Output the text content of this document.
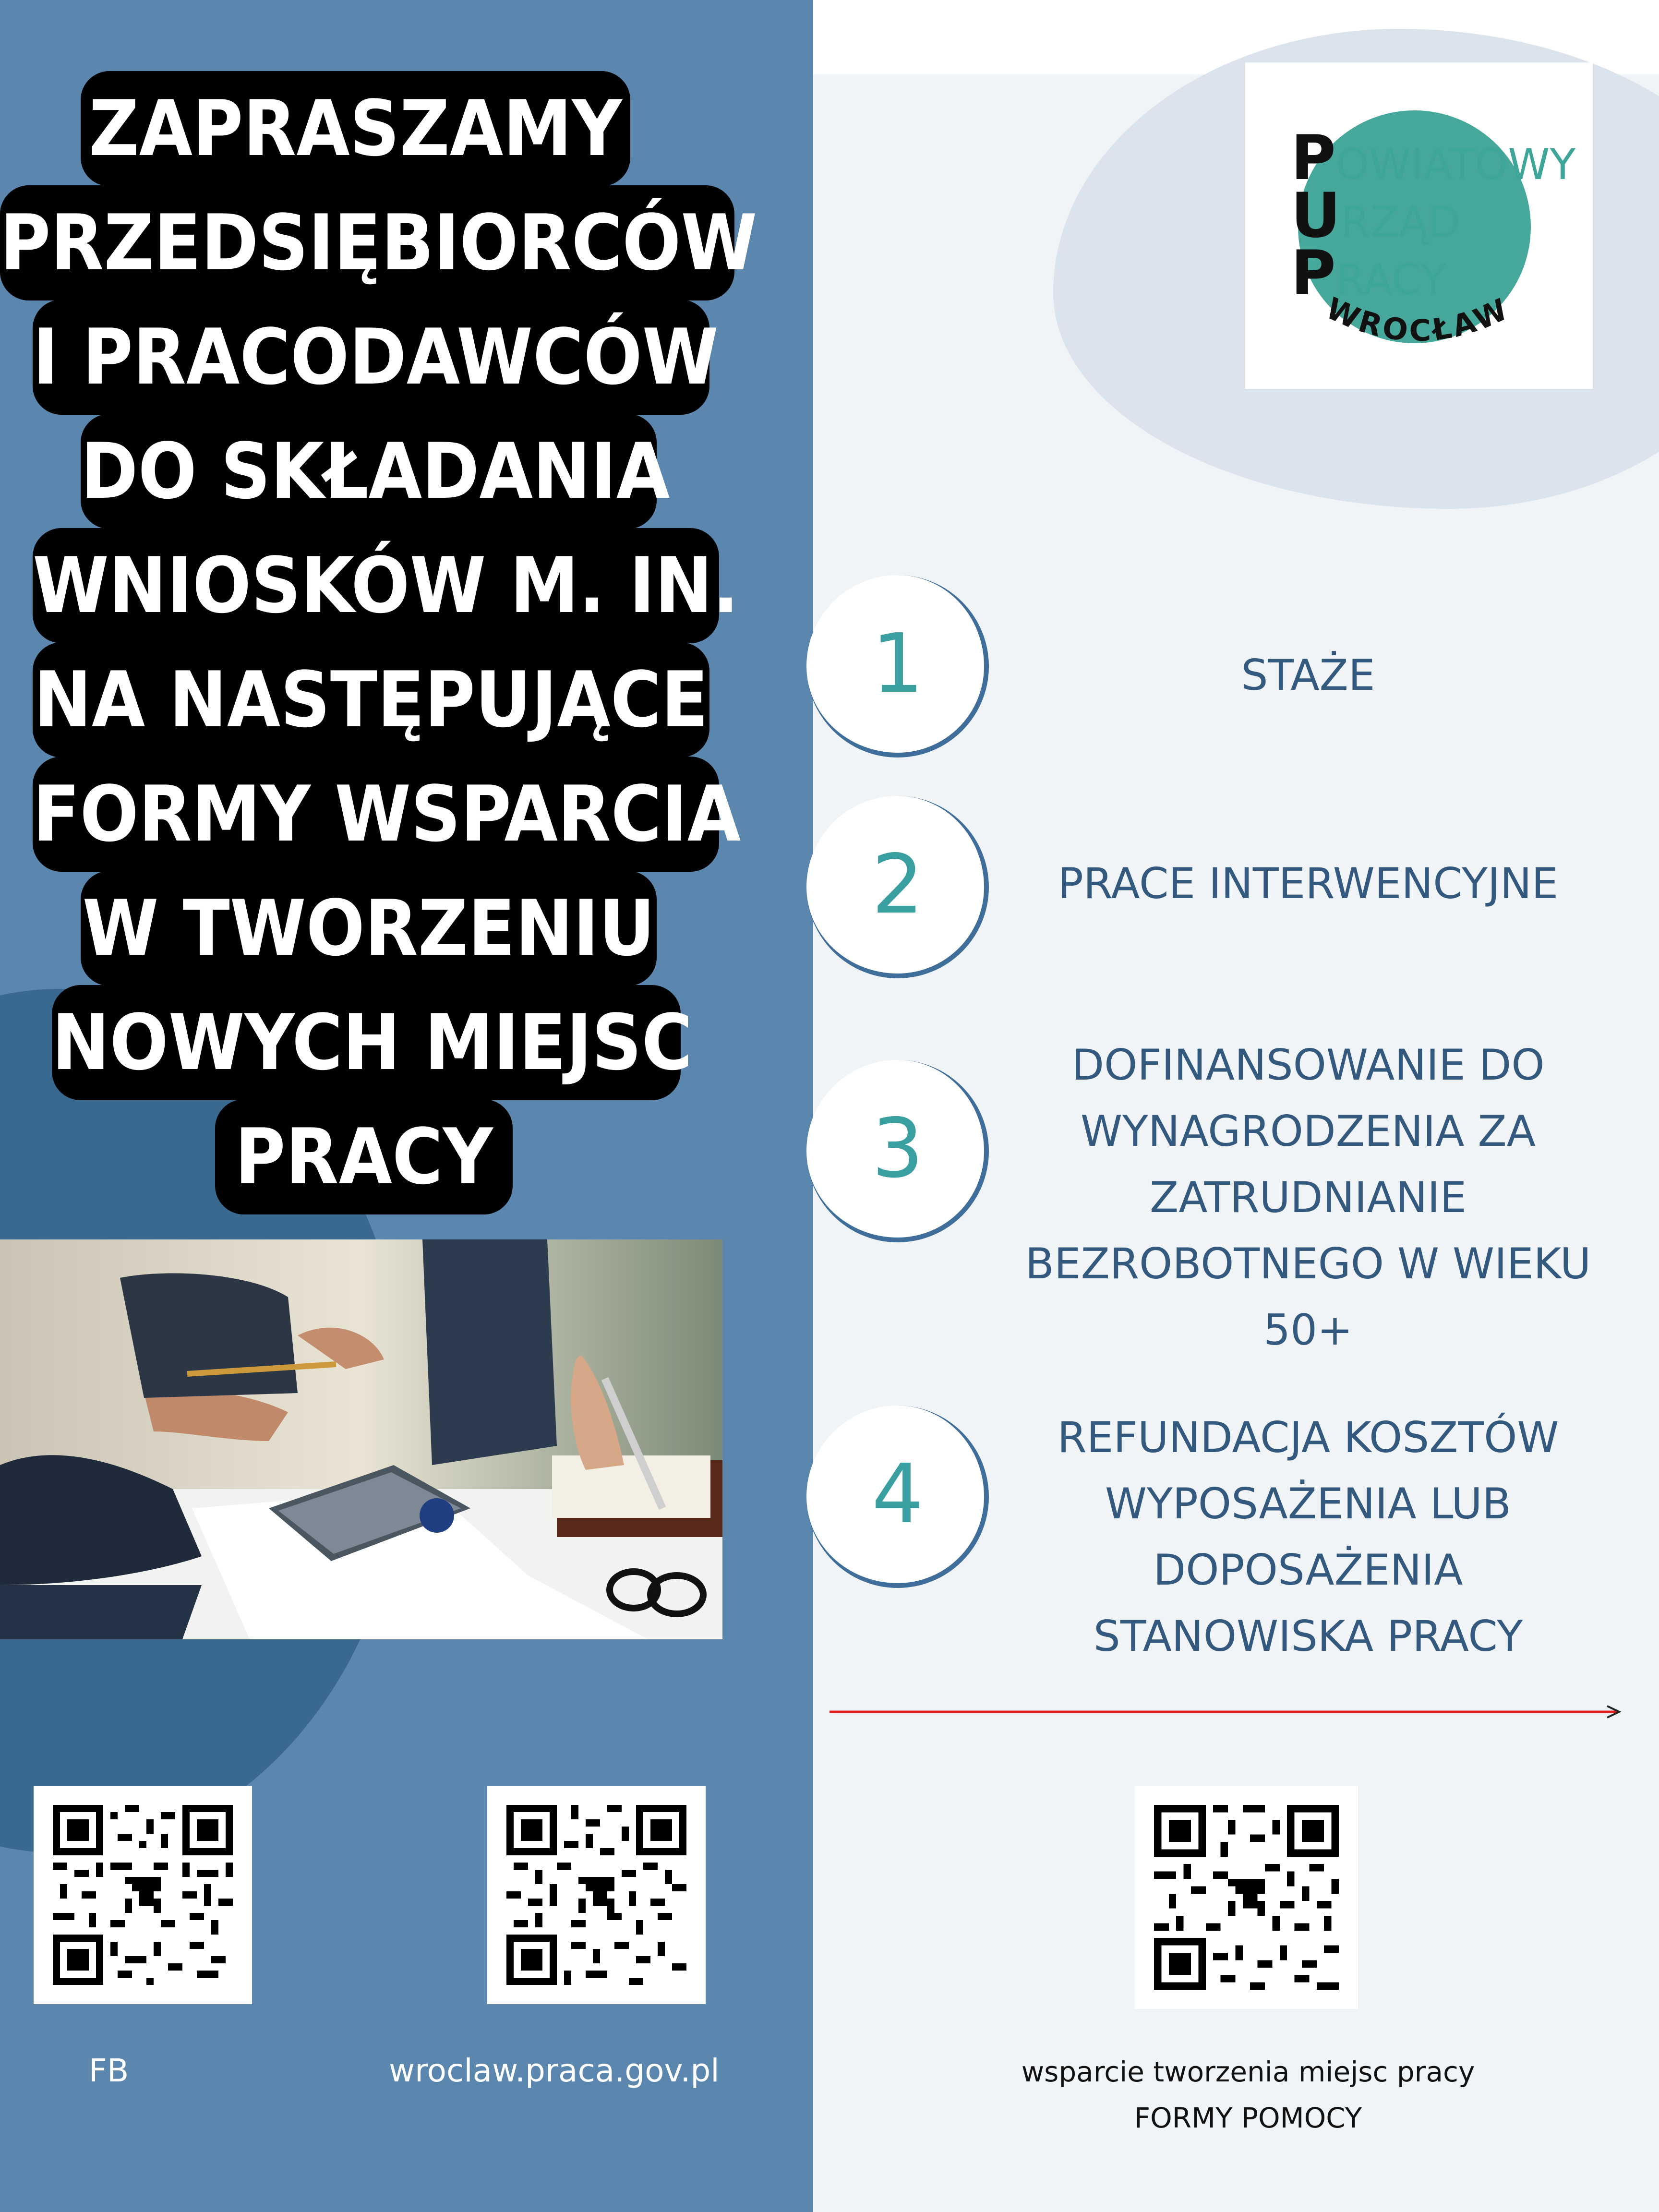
ZAPRASZAMY
PRZEDSIĘBIORCÓW
I PRACODAWCÓW
DO SKŁADANIA
WNIOSKÓW M. IN.
NA NASTĘPUJĄCE
FORMY WSPARCIA
W TWORZENIU
NOWYCH MIEJSC
PRACY
FB	wroclaw.praca.gov.pl
POWIATOWY
URZĄD
PRACY
WROCŁAW
1	STAŻE
2	PRACE INTERWENCYJNE
3
DOFINANSOWANIE DO
WYNAGRODZENIA ZA
ZATRUDNIANIE
BEZROBOTNEGO W WIEKU
50+
4
REFUNDACJA KOSZTÓW
WYPOSAŻENIA LUB
DOPOSAŻENIA
STANOWISKA PRACY
wsparcie tworzenia miejsc pracy
FORMY POMOCY
